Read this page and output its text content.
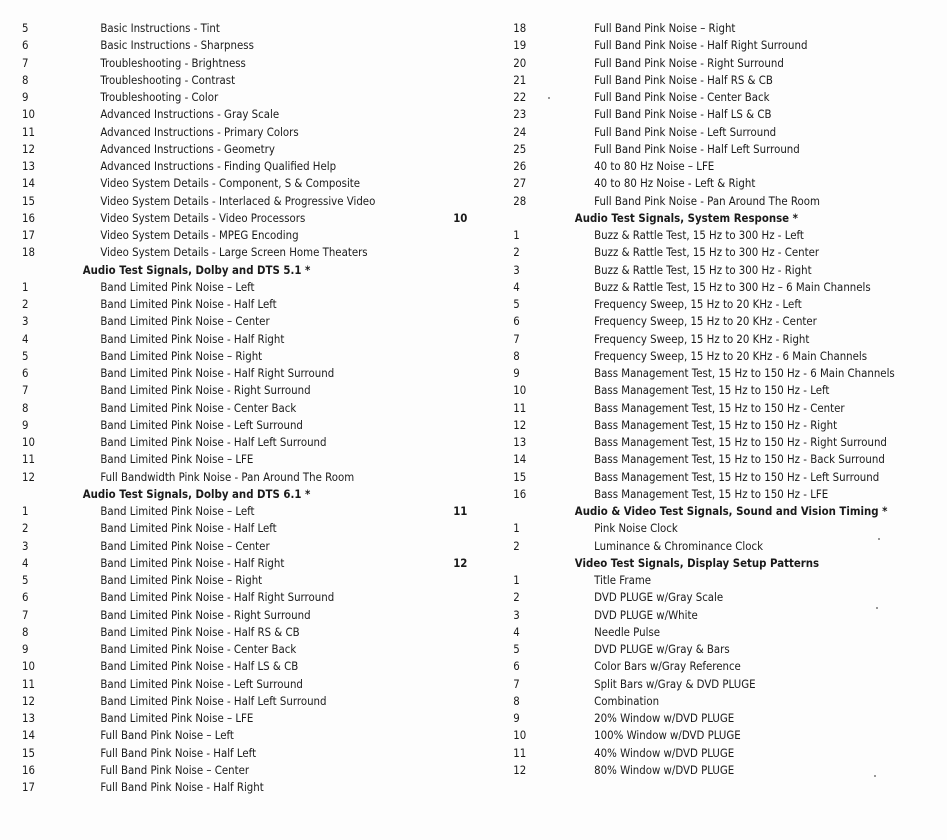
5	Basic Instructions - Tint
6	Basic Instructions - Sharpness
7	Troubleshooting - Brightness
8	Troubleshooting - Contrast
9	Troubleshooting - Color
10	Advanced Instructions - Gray Scale
11	Advanced Instructions - Primary Colors
12	Advanced Instructions - Geometry
13	Advanced Instructions - Finding Qualified Help
14	Video System Details - Component, S & Composite
15	Video System Details - Interlaced & Progressive Video
16	Video System Details - Video Processors	10
17	Video System Details - MPEG Encoding
18	Video System Details - Large Screen Home Theaters
Audio Test Signals, Dolby and DTS 5.1 *
1	Band Limited Pink Noise – Left
2	Band Limited Pink Noise - Half Left
3	Band Limited Pink Noise – Center
4	Band Limited Pink Noise - Half Right
5	Band Limited Pink Noise – Right
6	Band Limited Pink Noise - Half Right Surround
7	Band Limited Pink Noise - Right Surround
8	Band Limited Pink Noise - Center Back
9	Band Limited Pink Noise - Left Surround
10	Band Limited Pink Noise - Half Left Surround
11	Band Limited Pink Noise – LFE
12	Full Bandwidth Pink Noise - Pan Around The Room
Audio Test Signals, Dolby and DTS 6.1 *
1	Band Limited Pink Noise – Left	11
2	Band Limited Pink Noise - Half Left
3	Band Limited Pink Noise – Center
4	Band Limited Pink Noise - Half Right	12
5	Band Limited Pink Noise – Right
6	Band Limited Pink Noise - Half Right Surround
7	Band Limited Pink Noise - Right Surround
8	Band Limited Pink Noise - Half RS & CB
9	Band Limited Pink Noise - Center Back
10	Band Limited Pink Noise - Half LS & CB
11	Band Limited Pink Noise - Left Surround
12	Band Limited Pink Noise - Half Left Surround
13	Band Limited Pink Noise – LFE
14	Full Band Pink Noise – Left
15	Full Band Pink Noise - Half Left
16	Full Band Pink Noise – Center
17	Full Band Pink Noise - Half Right
18	Full Band Pink Noise – Right
19	Full Band Pink Noise - Half Right Surround
20	Full Band Pink Noise - Right Surround
21	Full Band Pink Noise - Half RS & CB
22	Full Band Pink Noise - Center Back
23	Full Band Pink Noise - Half LS & CB
24	Full Band Pink Noise - Left Surround
25	Full Band Pink Noise - Half Left Surround
26	40 to 80 Hz Noise – LFE
27	40 to 80 Hz Noise - Left & Right
28	Full Band Pink Noise - Pan Around The Room
Audio Test Signals, System Response *
1	Buzz & Rattle Test, 15 Hz to 300 Hz - Left
2	Buzz & Rattle Test, 15 Hz to 300 Hz - Center
3	Buzz & Rattle Test, 15 Hz to 300 Hz - Right
4	Buzz & Rattle Test, 15 Hz to 300 Hz – 6 Main Channels
5	Frequency Sweep, 15 Hz to 20 KHz - Left
6	Frequency Sweep, 15 Hz to 20 KHz - Center
7	Frequency Sweep, 15 Hz to 20 KHz - Right
8	Frequency Sweep, 15 Hz to 20 KHz - 6 Main Channels
9	Bass Management Test, 15 Hz to 150 Hz - 6 Main Channels
10	Bass Management Test, 15 Hz to 150 Hz - Left
11	Bass Management Test, 15 Hz to 150 Hz - Center
12	Bass Management Test, 15 Hz to 150 Hz - Right
13	Bass Management Test, 15 Hz to 150 Hz - Right Surround
14	Bass Management Test, 15 Hz to 150 Hz - Back Surround
15	Bass Management Test, 15 Hz to 150 Hz - Left Surround
16	Bass Management Test, 15 Hz to 150 Hz - LFE
Audio & Video Test Signals, Sound and Vision Timing *
1	Pink Noise Clock
2	Luminance & Chrominance Clock
Video Test Signals, Display Setup Patterns
1	Title Frame
2	DVD PLUGE w/Gray Scale
3	DVD PLUGE w/White
4	Needle Pulse
5	DVD PLUGE w/Gray & Bars
6	Color Bars w/Gray Reference
7	Split Bars w/Gray & DVD PLUGE
8	Combination
9	20% Window w/DVD PLUGE
10	100% Window w/DVD PLUGE
11	40% Window w/DVD PLUGE
12	80% Window w/DVD PLUGE
